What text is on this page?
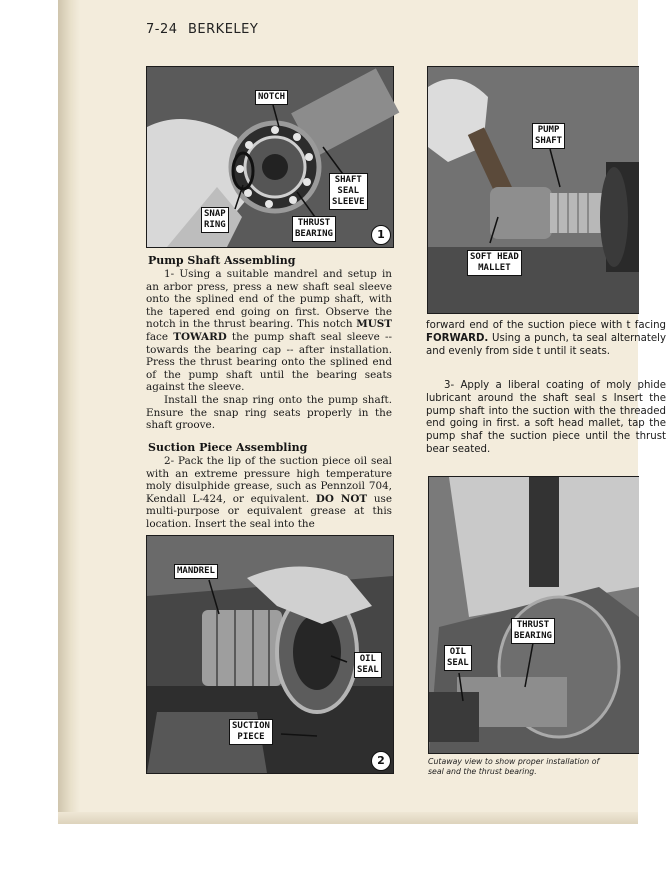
7-24 BERKELEY
NOTCH
SHAFT
SEAL
SLEEVE
SNAP
RING	THRUST
BEARING	1
Pump Shaft Assembling

1- Using a suitable mandrel and setup in an arbor press, press a new shaft seal sleeve onto the splined end of the pump shaft, with the tapered end going on first. Observe the notch in the thrust bearing. This notch MUST face TOWARD the pump shaft seal sleeve -- towards the bearing cap -- after installation. Press the thrust bearing onto the splined end of the pump shaft until the bearing seats against the sleeve.

Install the snap ring onto the pump shaft. Ensure the snap ring seats properly in the shaft groove.

Suction Piece Assembling

2- Pack the lip of the suction piece oil seal with an extreme pressure high temperature moly disulphide grease, such as Pennzoil 704, Kendall L-424, or equivalent. DO NOT use multi-purpose or equivalent grease at this location. Insert the seal into the

MANDREL
OIL
SEAL
SUCTION
PIECE
2
PUMP
SHAFT
SOFT HEAD
MALLET

forward end of the suction piece with t facing FORWARD. Using a punch, ta seal alternately and evenly from side t until it seats.

3- Apply a liberal coating of moly phide lubricant around the shaft seal s Insert the pump shaft into the suction with the threaded end going in first. a soft head mallet, tap the pump shaf the suction piece until the thrust bear seated.

THRUST
BEARING
OIL
SEAL
Cutaway view to show proper installation of
seal and the thrust bearing.
